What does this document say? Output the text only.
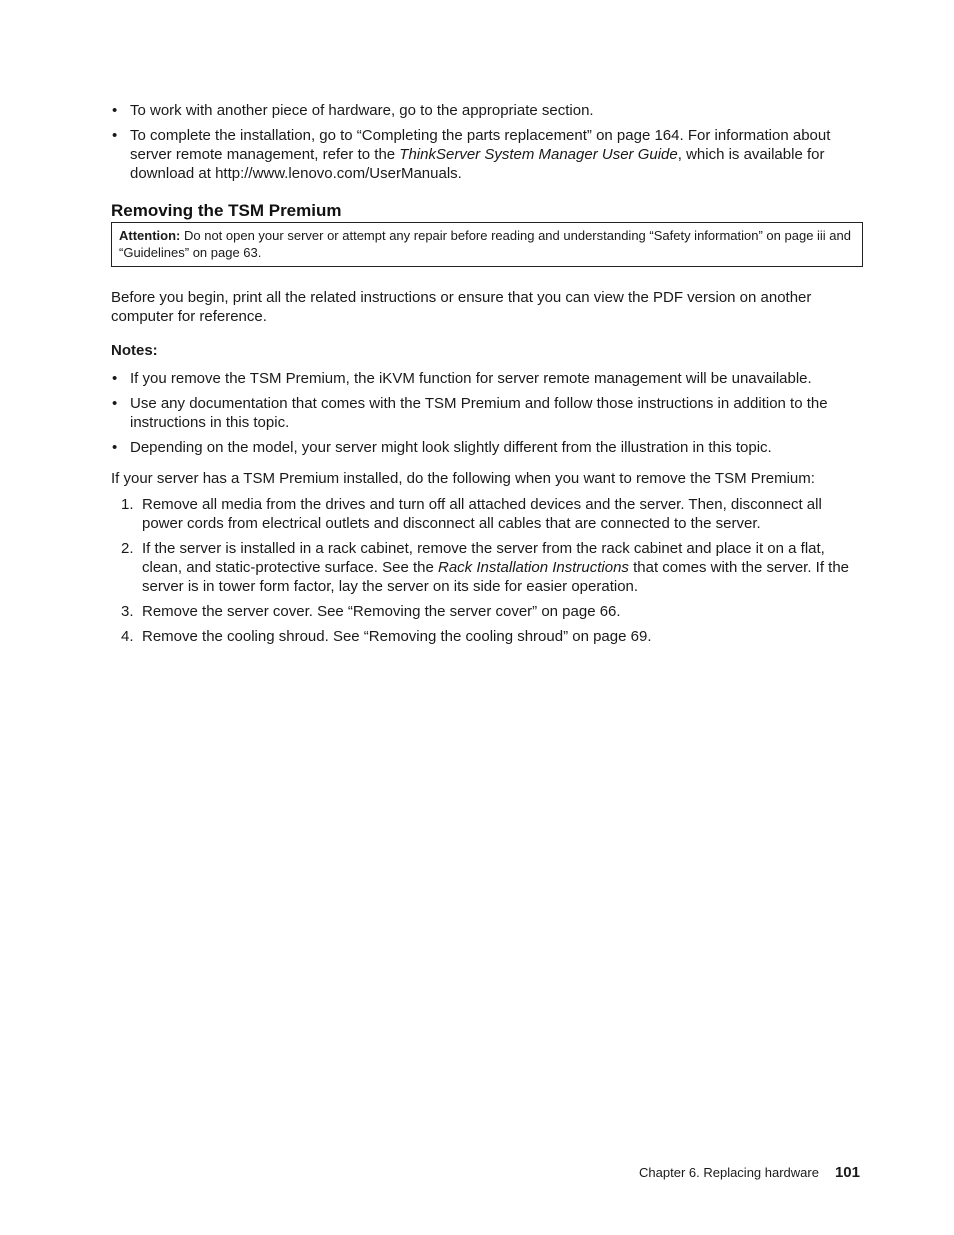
• To work with another piece of hardware, go to the appropriate section.
• To complete the installation, go to “Completing the parts replacement” on page 164. For information about server remote management, refer to the ThinkServer System Manager User Guide, which is available for download at http://www.lenovo.com/UserManuals.
Removing the TSM Premium
Attention: Do not open your server or attempt any repair before reading and understanding “Safety information” on page iii and “Guidelines” on page 63.

Before you begin, print all the related instructions or ensure that you can view the PDF version on another computer for reference.

Notes:
• If you remove the TSM Premium, the iKVM function for server remote management will be unavailable.
• Use any documentation that comes with the TSM Premium and follow those instructions in addition to the instructions in this topic.
• Depending on the model, your server might look slightly different from the illustration in this topic.

If your server has a TSM Premium installed, do the following when you want to remove the TSM Premium:

1. Remove all media from the drives and turn off all attached devices and the server. Then, disconnect all power cords from electrical outlets and disconnect all cables that are connected to the server.
2. If the server is installed in a rack cabinet, remove the server from the rack cabinet and place it on a flat, clean, and static-protective surface. See the Rack Installation Instructions that comes with the server. If the server is in tower form factor, lay the server on its side for easier operation.
3. Remove the server cover. See “Removing the server cover” on page 66.
4. Remove the cooling shroud. See “Removing the cooling shroud” on page 69.
Chapter 6. Replacing hardware 101
